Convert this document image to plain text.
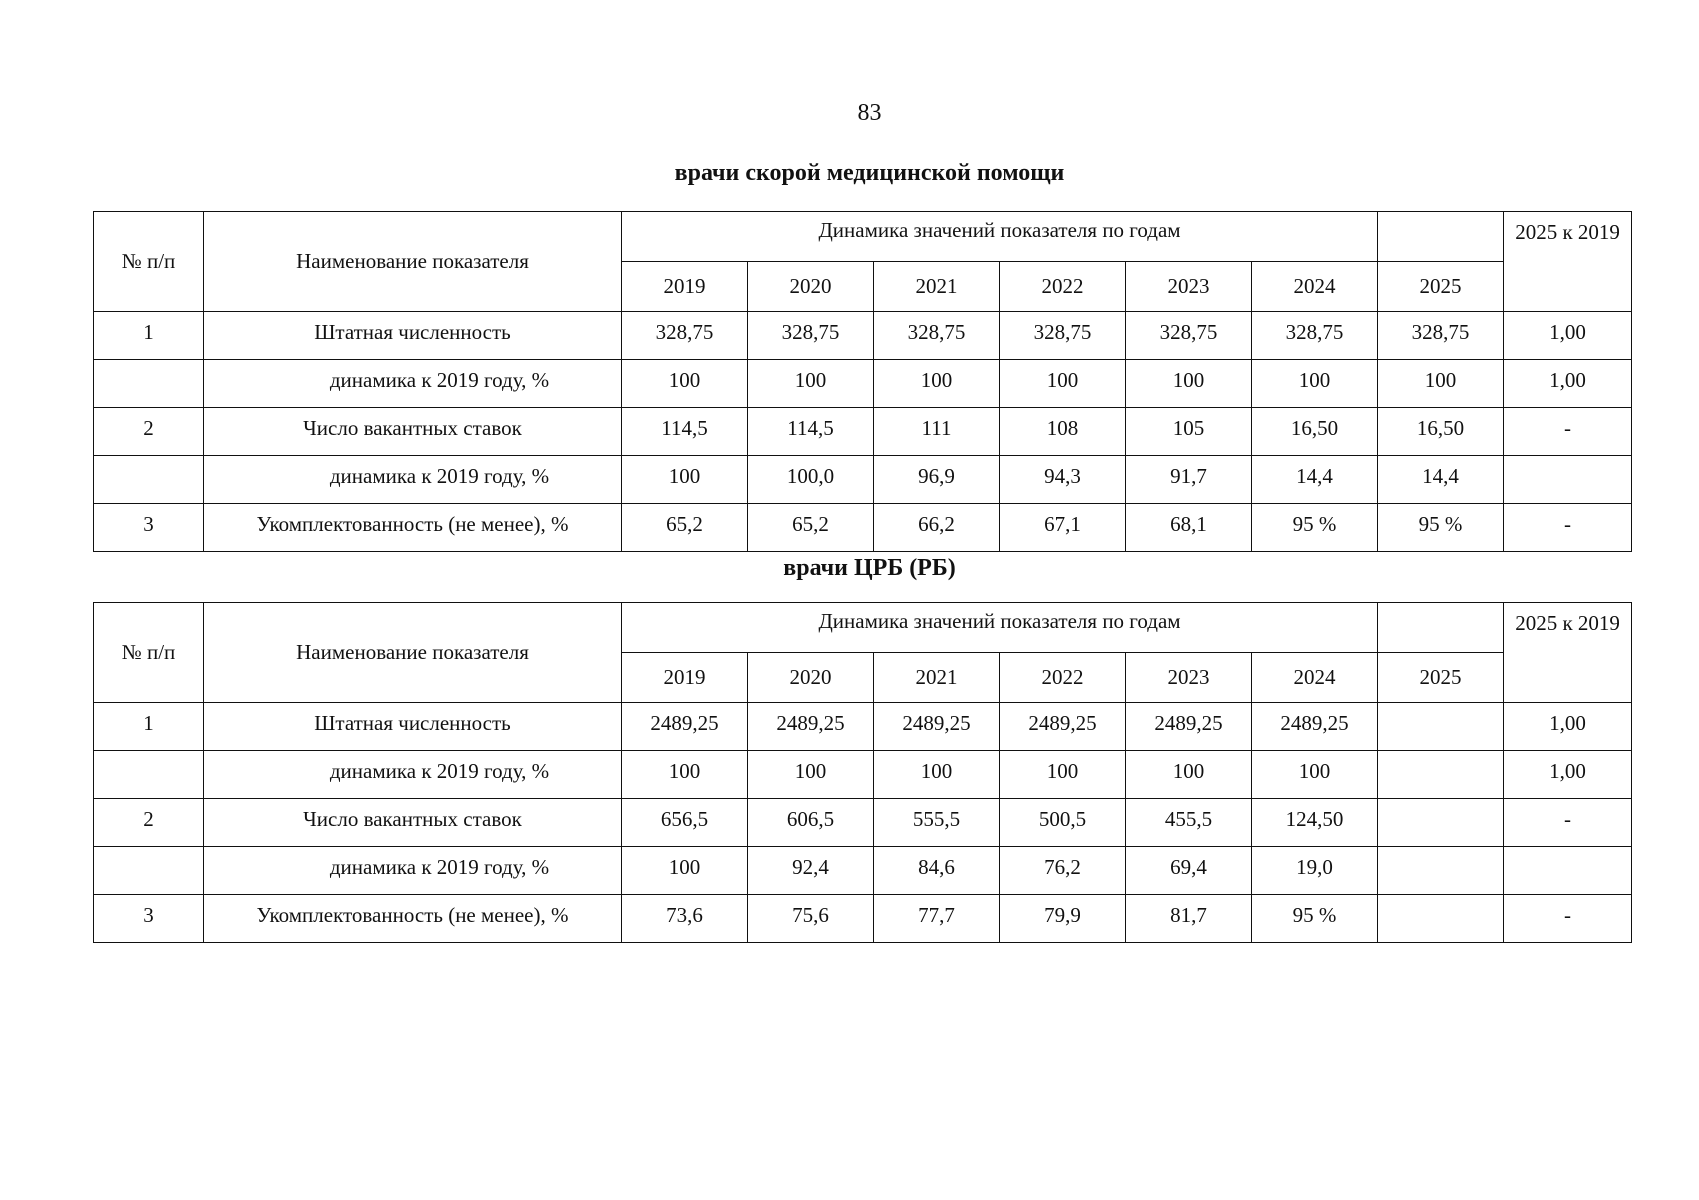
83
врачи скорой медицинской помощи
№ п/п	Наименование показателя	Динамика значений показателя по годам							2025 к 2019
		2019	2020	2021	2022	2023	2024	2025	
1	Штатная численность	328,75	328,75	328,75	328,75	328,75	328,75	328,75	1,00
	динамика к 2019 году, %	100	100	100	100	100	100	100	1,00
2	Число вакантных ставок	114,5	114,5	111	108	105	16,50	16,50	-
	динамика к 2019 году, %	100	100,0	96,9	94,3	91,7	14,4	14,4	
3	Укомплектованность (не менее), %	65,2	65,2	66,2	67,1	68,1	95 %	95 %	-
врачи ЦРБ (РБ)
№ п/п	Наименование показателя	Динамика значений показателя по годам							2025 к 2019
		2019	2020	2021	2022	2023	2024	2025	
1	Штатная численность	2489,25	2489,25	2489,25	2489,25	2489,25	2489,25		1,00
	динамика к 2019 году, %	100	100	100	100	100	100		1,00
2	Число вакантных ставок	656,5	606,5	555,5	500,5	455,5	124,50		-
	динамика к 2019 году, %	100	92,4	84,6	76,2	69,4	19,0		
3	Укомплектованность (не менее), %	73,6	75,6	77,7	79,9	81,7	95 %		-
